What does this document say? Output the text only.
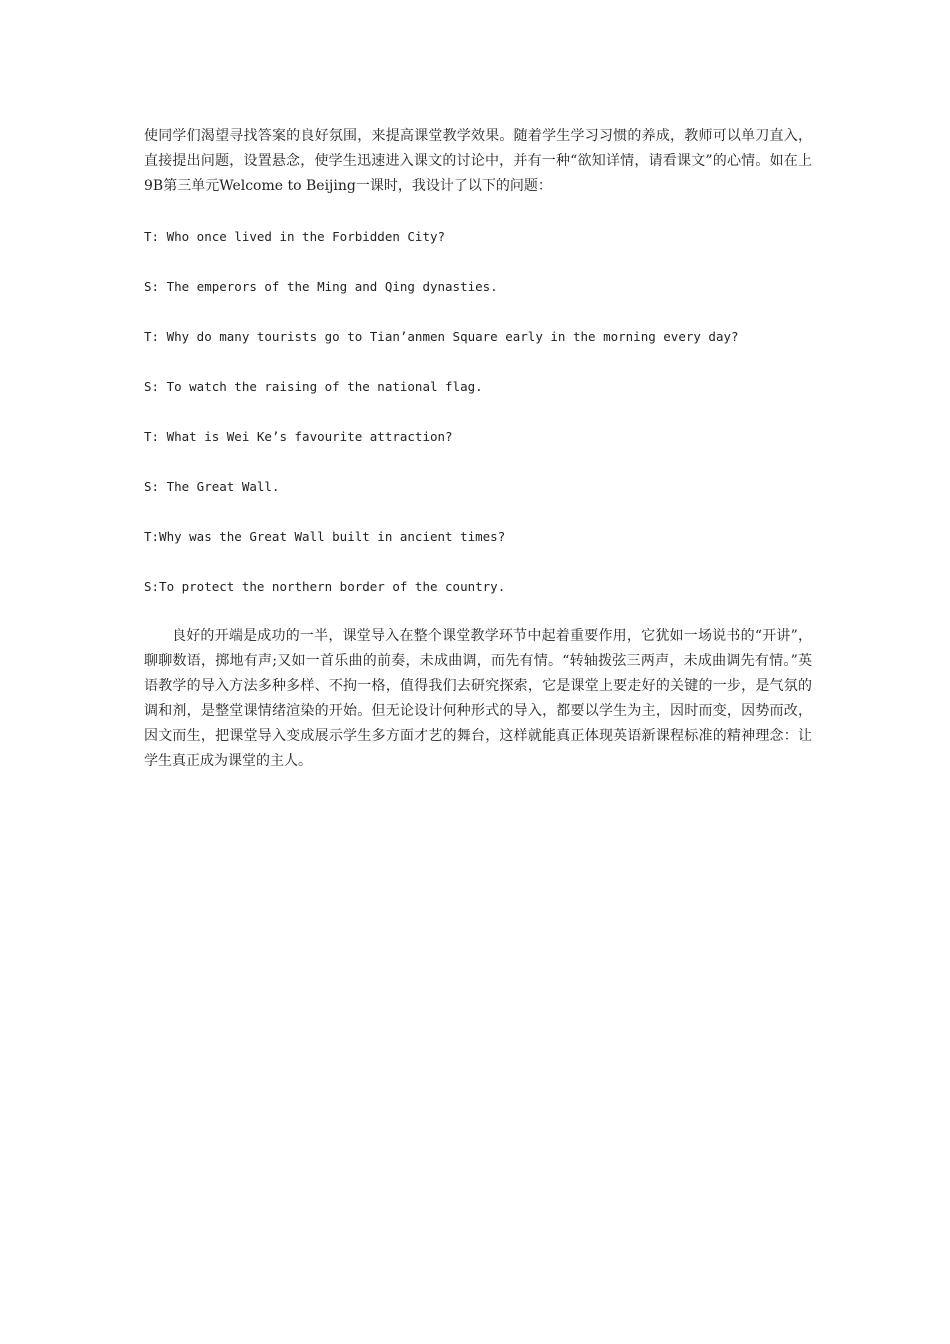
使同学们渴望寻找答案的良好氛围，来提高课堂教学效果。随着学生学习习惯的养成，教师可以单刀直入，直接提出问题，设置悬念，使学生迅速进入课文的讨论中，并有一种“欲知详情，请看课文”的心情。如在上9B第三单元Welcome to Beijing一课时，我设计了以下的问题：

T: Who once lived in the Forbidden City?
S: The emperors of the Ming and Qing dynasties.
T: Why do many tourists go to Tian’anmen Square early in the morning every day?
S: To watch the raising of the national flag.
T: What is Wei Ke’s favourite attraction?
S: The Great Wall.
T:Why was the Great Wall built in ancient times?
S:To protect the northern border of the country.

良好的开端是成功的一半，课堂导入在整个课堂教学环节中起着重要作用，它犹如一场说书的“开讲”，聊聊数语，掷地有声;又如一首乐曲的前奏，未成曲调，而先有情。“转轴拨弦三两声，未成曲调先有情。”英语教学的导入方法多种多样、不拘一格，值得我们去研究探索，它是课堂上要走好的关键的一步，是气氛的调和剂，是整堂课情绪渲染的开始。但无论设计何种形式的导入，都要以学生为主，因时而变，因势而改，因文而生，把课堂导入变成展示学生多方面才艺的舞台，这样就能真正体现英语新课程标准的精神理念：让学生真正成为课堂的主人。
